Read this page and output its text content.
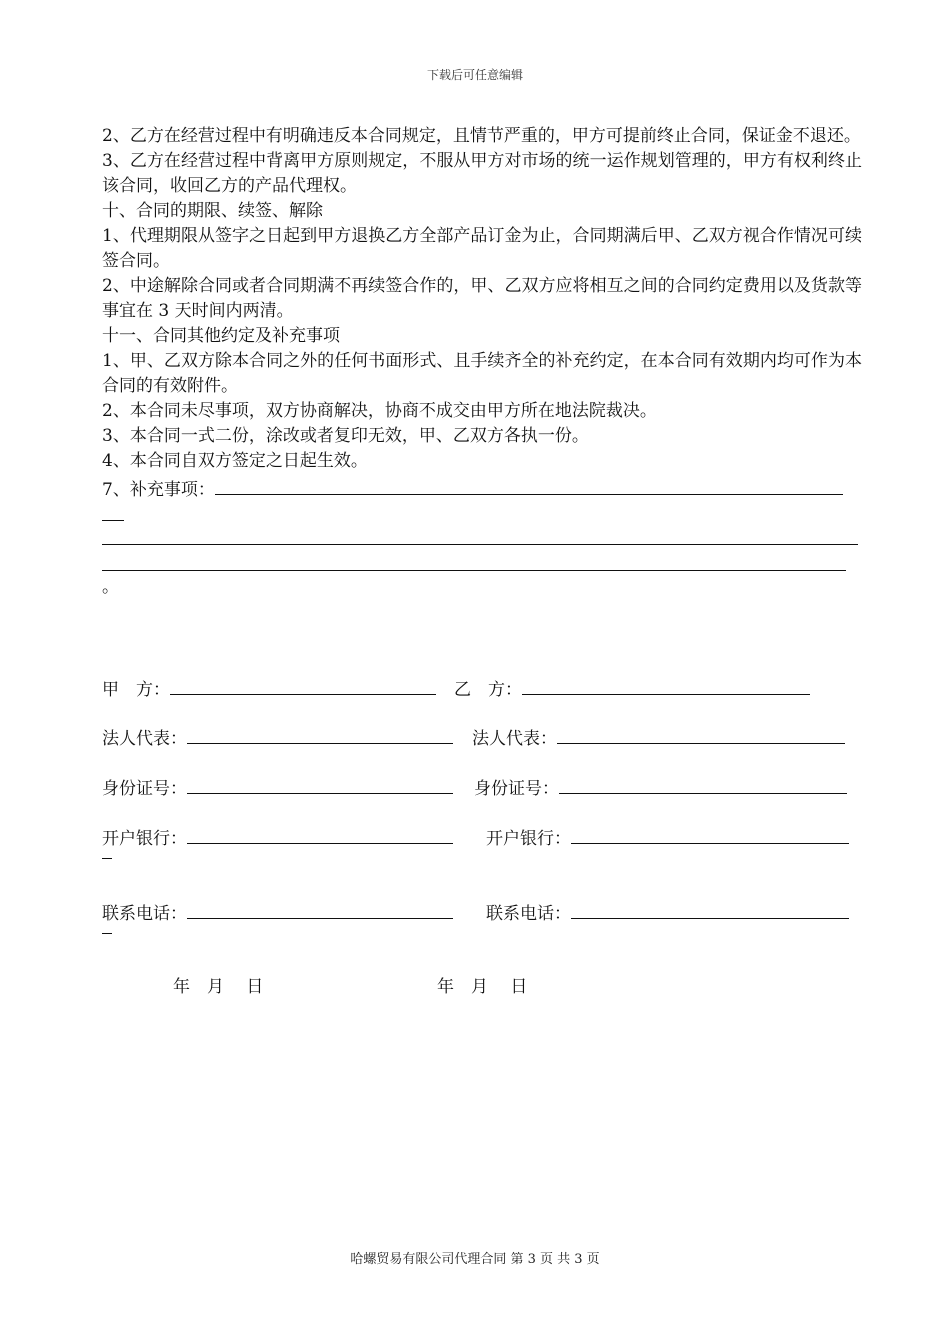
下载后可任意编辑

2、乙方在经营过程中有明确违反本合同规定，且情节严重的，甲方可提前终止合同，保证金不退还。

3、乙方在经营过程中背离甲方原则规定，不服从甲方对市场的统一运作规划管理的，甲方有权利终止该合同，收回乙方的产品代理权。

十、合同的期限、续签、解除

1、代理期限从签字之日起到甲方退换乙方全部产品订金为止，合同期满后甲、乙双方视合作情况可续签合同。

2、中途解除合同或者合同期满不再续签合作的，甲、乙双方应将相互之间的合同约定费用以及货款等事宜在 3 天时间内两清。

十一、合同其他约定及补充事项

1、甲、乙双方除本合同之外的任何书面形式、且手续齐全的补充约定，在本合同有效期内均可作为本合同的有效附件。

2、本合同未尽事项，双方协商解决，协商不成交由甲方所在地法院裁决。

3、本合同一式二份，涂改或者复印无效，甲、乙双方各执一份。

4、本合同自双方签定之日起生效。

7、补充事项：

。

甲　方：	乙　方：
法人代表：	法人代表：
身份证号：	身份证号：
开户银行：	开户银行：
联系电话：	联系电话：
年　月　 日	年　月　 日
哈螺贸易有限公司代理合同 第 3 页 共 3 页
